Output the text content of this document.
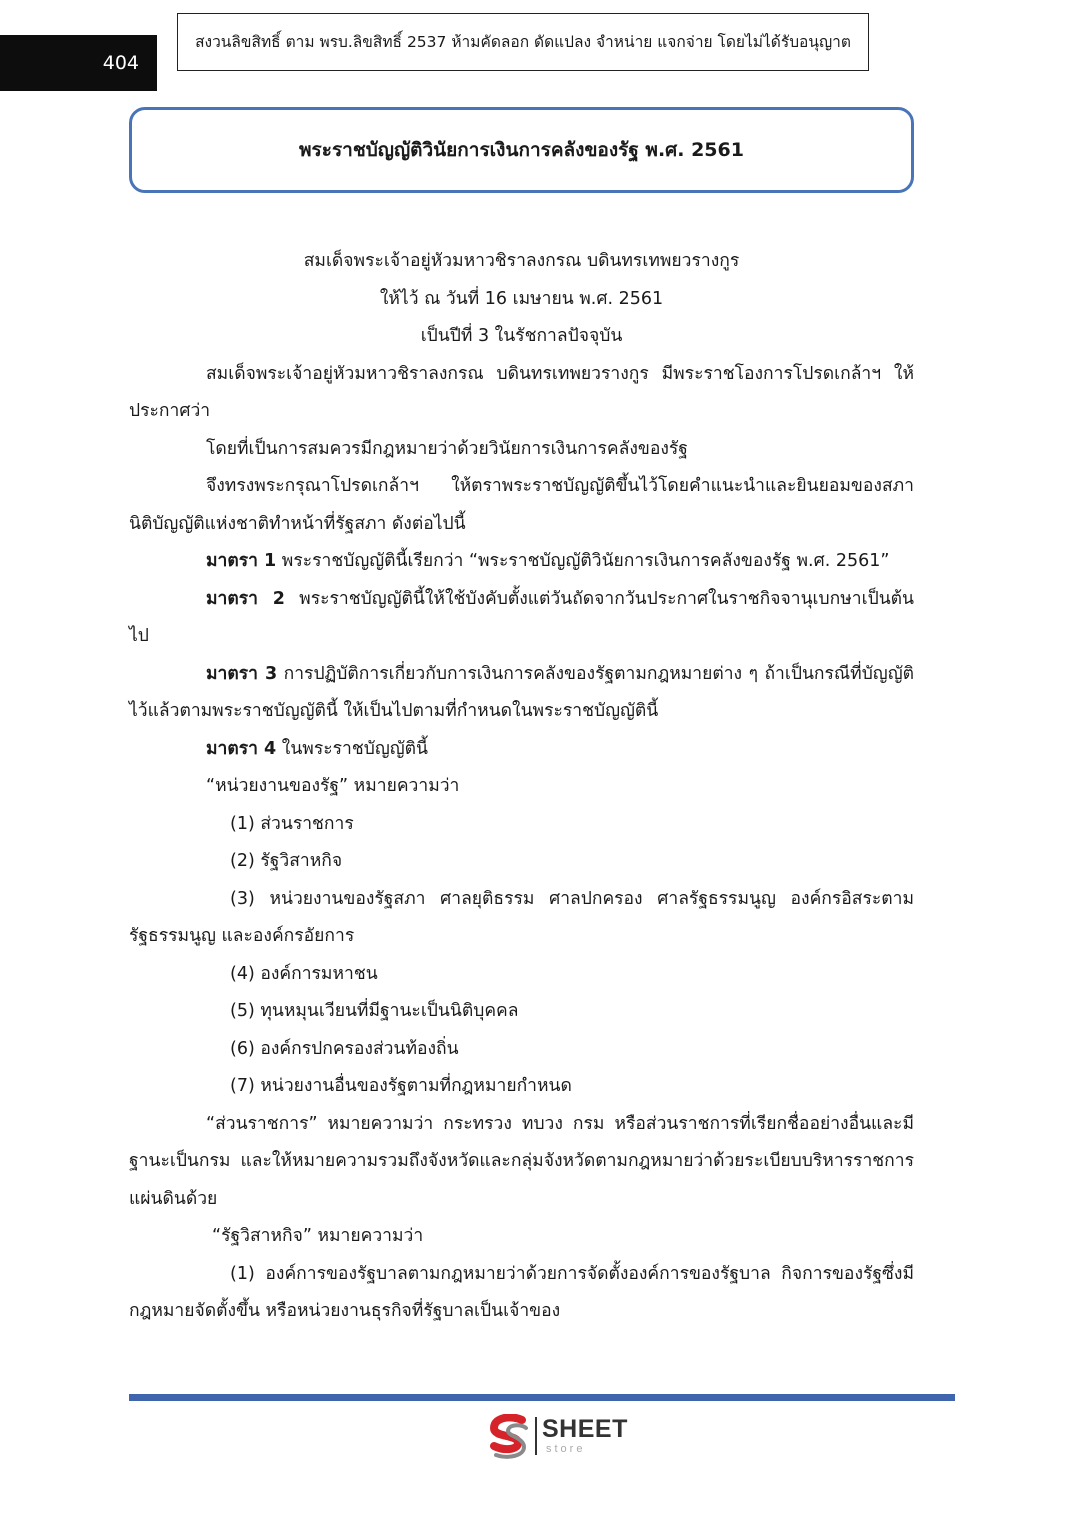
404
สงวนลิขสิทธิ์ ตาม พรบ.ลิขสิทธิ์ 2537 ห้ามคัดลอก ดัดแปลง จำหน่าย แจกจ่าย โดยไม่ได้รับอนุญาต
พระราชบัญญัติวินัยการเงินการคลังของรัฐ พ.ศ. 2561
สมเด็จพระเจ้าอยู่หัวมหาวชิราลงกรณ บดินทรเทพยวรางกูร
ให้ไว้ ณ วันที่ 16 เมษายน พ.ศ. 2561
เป็นปีที่ 3 ในรัชกาลปัจจุบัน

สมเด็จพระเจ้าอยู่หัวมหาวชิราลงกรณ บดินทรเทพยวรางกูร มีพระราชโองการโปรดเกล้าฯ ให้ประกาศว่า

โดยที่เป็นการสมควรมีกฎหมายว่าด้วยวินัยการเงินการคลังของรัฐ

จึงทรงพระกรุณาโปรดเกล้าฯ ให้ตราพระราชบัญญัติขึ้นไว้โดยคำแนะนำและยินยอมของสภานิติบัญญัติแห่งชาติทำหน้าที่รัฐสภา ดังต่อไปนี้

มาตรา 1 พระราชบัญญัตินี้เรียกว่า “พระราชบัญญัติวินัยการเงินการคลังของรัฐ พ.ศ. 2561”

มาตรา 2 พระราชบัญญัตินี้ให้ใช้บังคับตั้งแต่วันถัดจากวันประกาศในราชกิจจานุเบกษาเป็นต้นไป

มาตรา 3 การปฏิบัติการเกี่ยวกับการเงินการคลังของรัฐตามกฎหมายต่าง ๆ ถ้าเป็นกรณีที่บัญญัติไว้แล้วตามพระราชบัญญัตินี้ ให้เป็นไปตามที่กำหนดในพระราชบัญญัตินี้

มาตรา 4 ในพระราชบัญญัตินี้

“หน่วยงานของรัฐ” หมายความว่า
(1) ส่วนราชการ
(2) รัฐวิสาหกิจ

(3) หน่วยงานของรัฐสภา ศาลยุติธรรม ศาลปกครอง ศาลรัฐธรรมนูญ องค์กรอิสระตามรัฐธรรมนูญ และองค์กรอัยการ

(4) องค์การมหาชน
(5) ทุนหมุนเวียนที่มีฐานะเป็นนิติบุคคล
(6) องค์กรปกครองส่วนท้องถิ่น
(7) หน่วยงานอื่นของรัฐตามที่กฎหมายกำหนด

“ส่วนราชการ” หมายความว่า กระทรวง ทบวง กรม หรือส่วนราชการที่เรียกชื่ออย่างอื่นและมีฐานะเป็นกรม และให้หมายความรวมถึงจังหวัดและกลุ่มจังหวัดตามกฎหมายว่าด้วยระเบียบบริหารราชการแผ่นดินด้วย

“รัฐวิสาหกิจ” หมายความว่า

(1) องค์การของรัฐบาลตามกฎหมายว่าด้วยการจัดตั้งองค์การของรัฐบาล กิจการของรัฐซึ่งมีกฎหมายจัดตั้งขึ้น หรือหน่วยงานธุรกิจที่รัฐบาลเป็นเจ้าของ

SHEET
store
